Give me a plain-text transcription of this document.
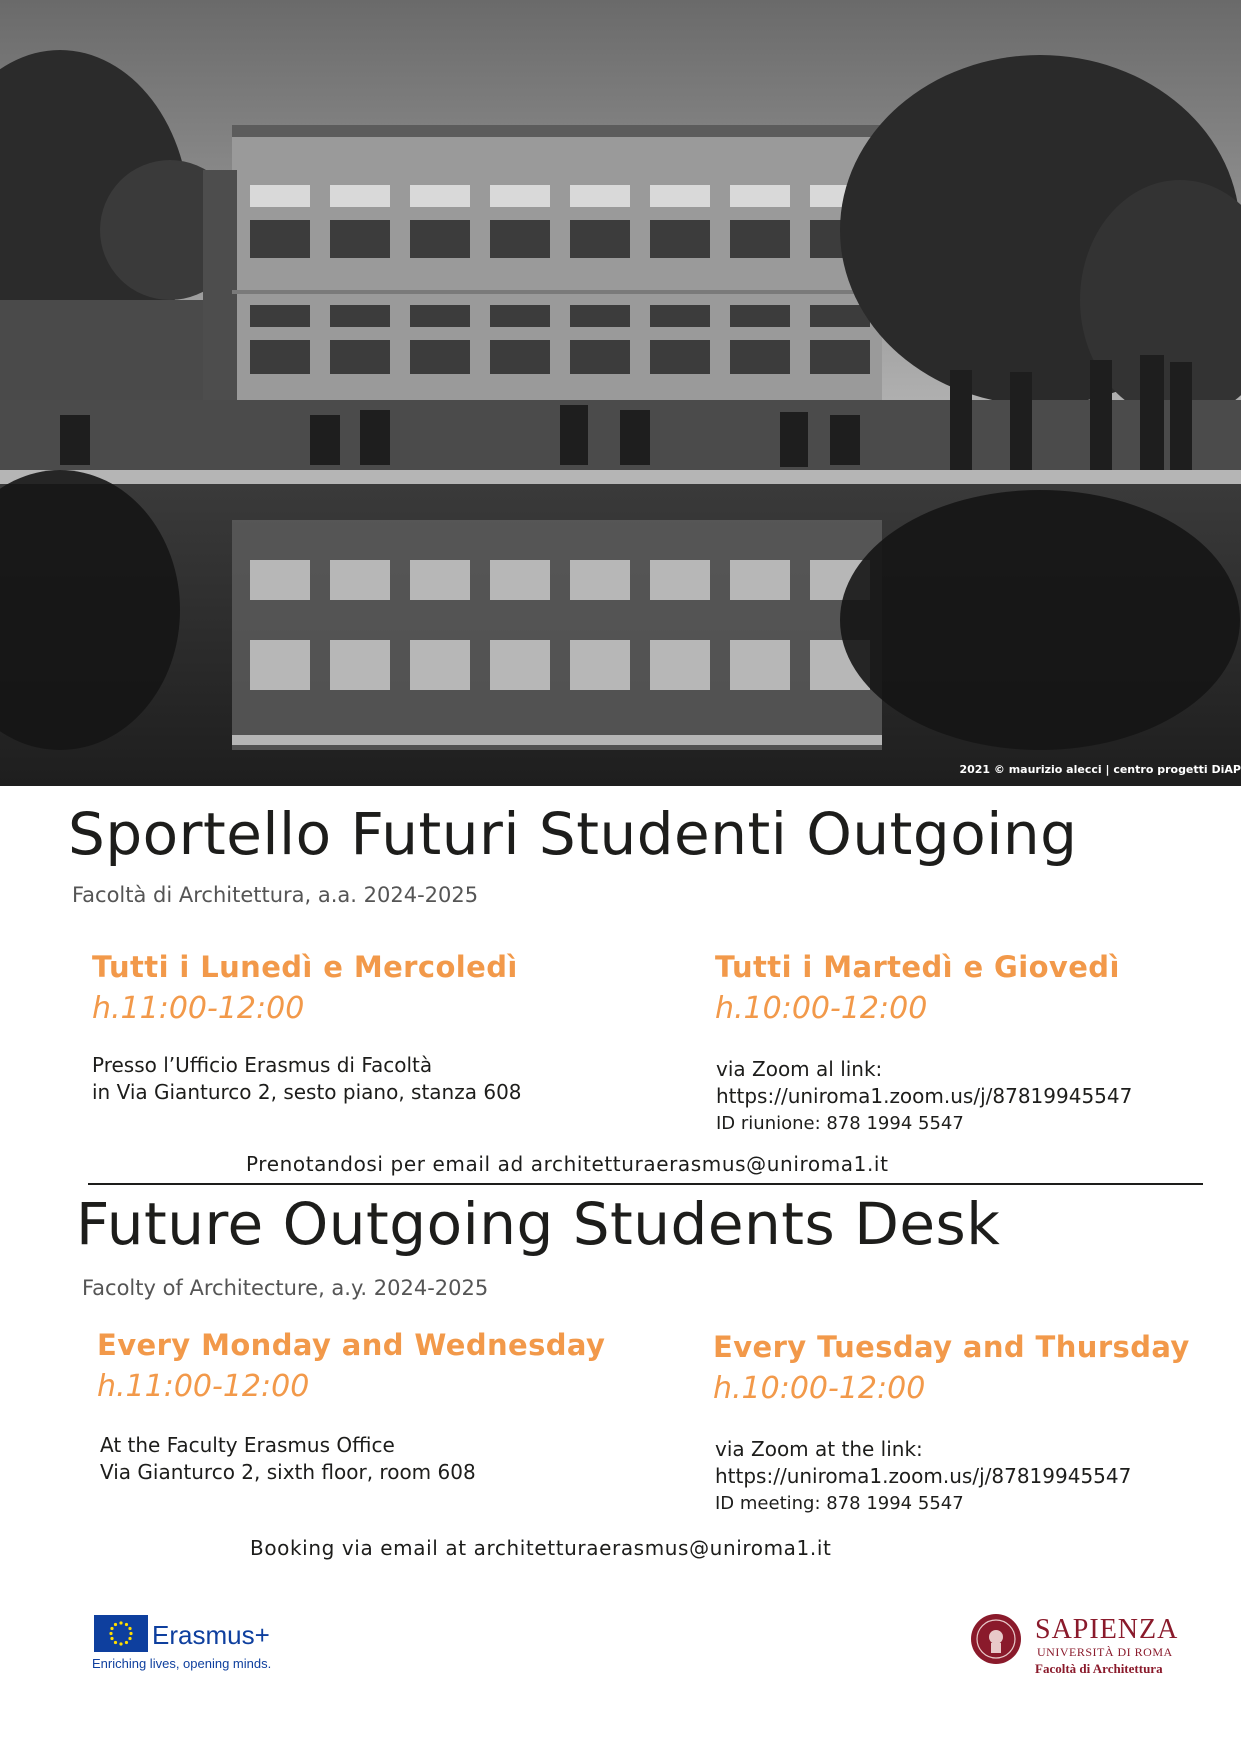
2021 © maurizio alecci | centro progetti DiAP
Sportello Futuri Studenti Outgoing
Facoltà di Architettura, a.a. 2024-2025
Tutti i Lunedì e Mercoledì
h.11:00-12:00
Presso l’Ufficio Erasmus di Facoltà
in Via Gianturco 2, sesto piano, stanza 608
Tutti i Martedì e Giovedì
h.10:00-12:00
via Zoom al link:
https://uniroma1.zoom.us/j/87819945547
ID riunione: 878 1994 5547
Prenotandosi per email ad architetturaerasmus@uniroma1.it
Future Outgoing Students Desk
Facolty of Architecture, a.y. 2024-2025
Every Monday and Wednesday
h.11:00-12:00
At the Faculty Erasmus Office
Via Gianturco 2, sixth floor, room 608
Every Tuesday and Thursday
h.10:00-12:00
via Zoom at the link:
https://uniroma1.zoom.us/j/87819945547
ID meeting: 878 1994 5547
Booking via email at architetturaerasmus@uniroma1.it
Erasmus+
Enriching lives, opening minds.
SAPIENZA
UNIVERSITÀ DI ROMA
Facoltà di Architettura
